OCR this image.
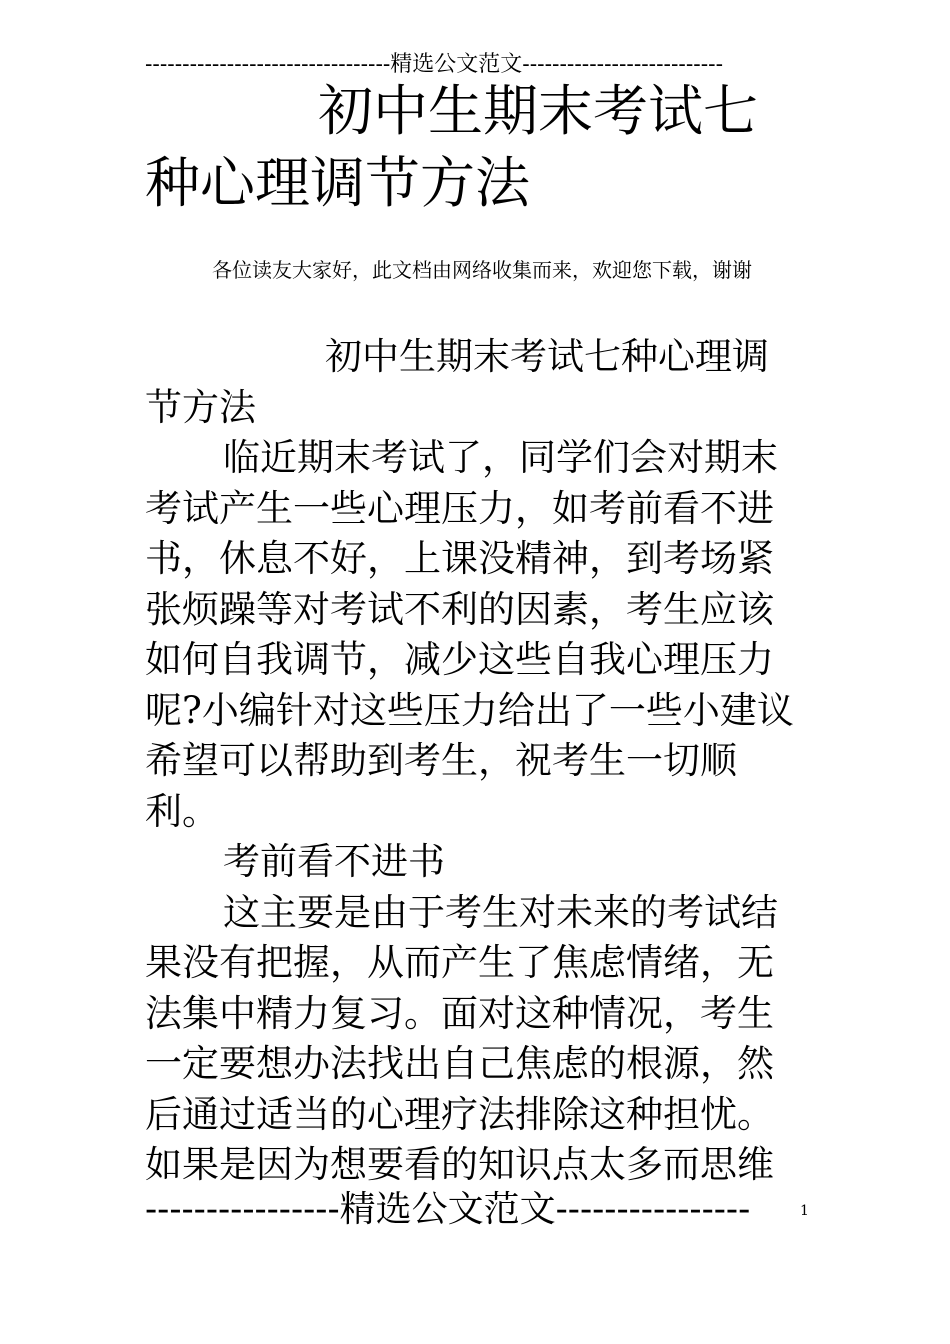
---------------------------------精选公文范文---------------------------
初中生期末考试七
种心理调节方法
各位读友大家好，此文档由网络收集而来，欢迎您下载，谢谢

初中生期末考试七种心理调

节方法

临近期末考试了，同学们会对期末考试产生一些心理压力，如考前看不进书，休息不好，上课没精神，到考场紧张烦躁等对考试不利的因素，考生应该如何自我调节，减少这些自我心理压力呢?小编针对这些压力给出了一些小建议希望可以帮助到考生，祝考生一切顺利。

考前看不进书

这主要是由于考生对未来的考试结果没有把握，从而产生了焦虑情绪，无法集中精力复习。面对这种情况，考生一定要想办法找出自己焦虑的根源，然后通过适当的心理疗法排除这种担忧。如果是因为想要看的知识点太多而思维

----------------精选公文范文----------------	1
